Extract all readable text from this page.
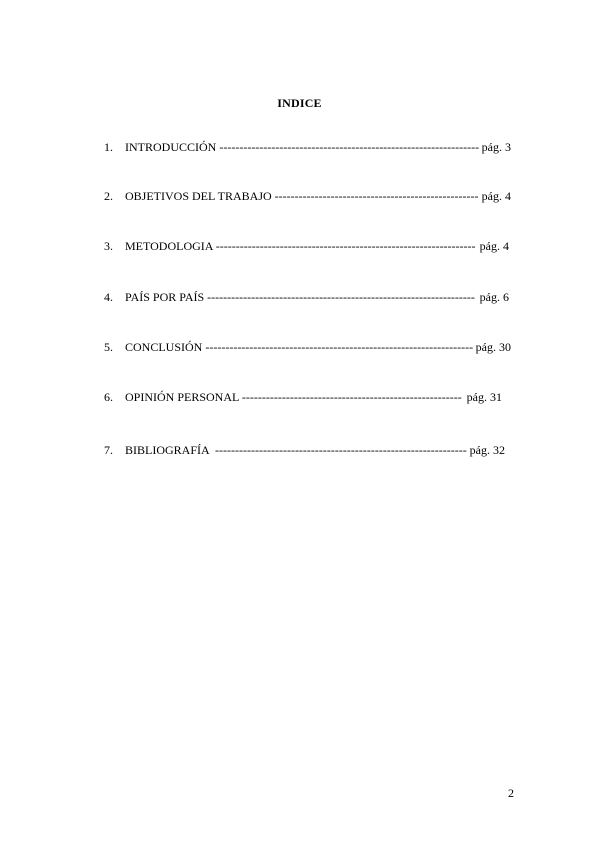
INDICE
1. INTRODUCCIÓN ----------------------------------------------------------------- pág. 3
2. OBJETIVOS DEL TRABAJO --------------------------------------------------- pág. 4
3. METODOLOGIA ----------------------------------------------------------------- pág. 4
4. PAÍS POR PAÍS ------------------------------------------------------------------- pág. 6
5. CONCLUSIÓN ------------------------------------------------------------------- pág. 30
6. OPINIÓN PERSONAL ------------------------------------------------------- pág. 31
7. BIBLIOGRAFÍA  --------------------------------------------------------------- pág. 32
2
